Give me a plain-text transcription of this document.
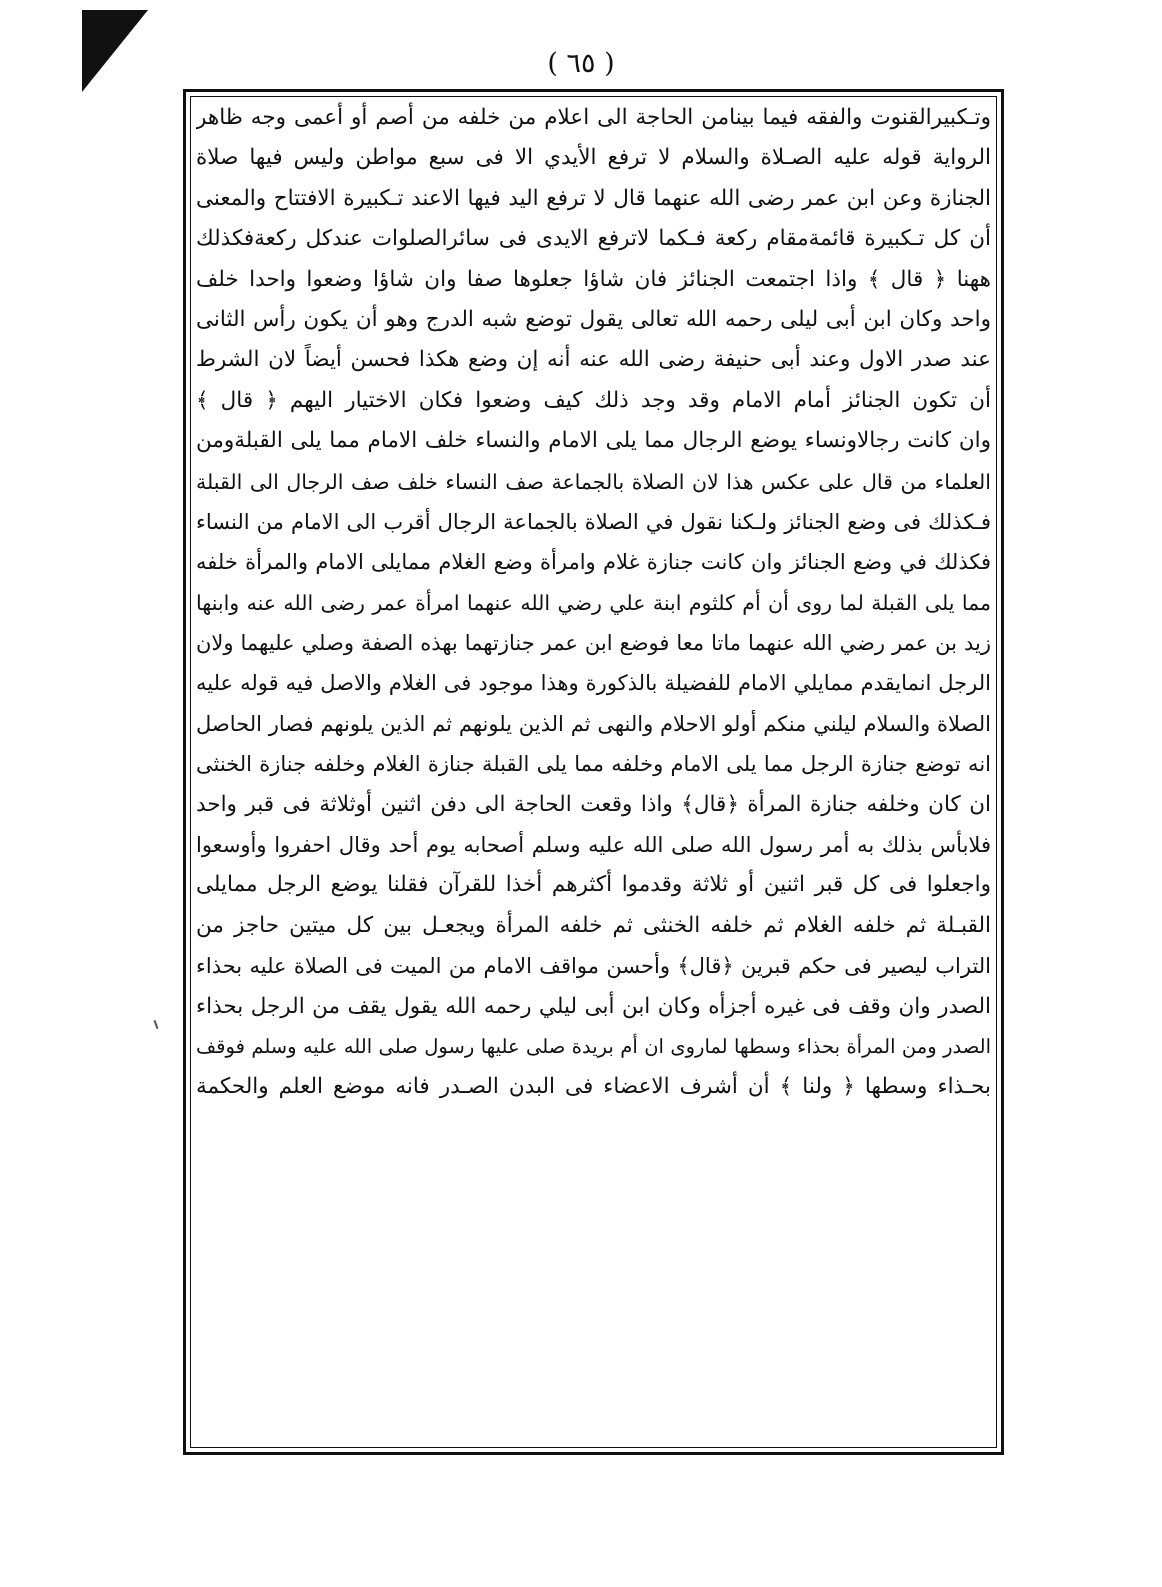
( ٦٥ )
وتـكبيرالقنوت والفقه فيما بينامن الحاجة الى اعلام من خلفه من أصم أو أعمى وجه ظاهر
الرواية قوله عليه الصـلاة والسلام لا ترفع الأيدي الا فى سبع مواطن وليس فيها صلاة
الجنازة وعن ابن عمر رضى الله عنهما قال لا ترفع اليد فيها الاعند تـكبيرة الافتتاح والمعنى
أن كل تـكبيرة قائمةمقام ركعة فـكما لاترفع الايدى فى سائرالصلوات عندكل ركعةفكذلك
ههنا ﴿ قال ﴾ واذا اجتمعت الجنائز فان شاؤا جعلوها صفا وان شاؤا وضعوا واحدا خلف
واحد وكان ابن أبى ليلى رحمه الله تعالى يقول توضع شبه الدرج وهو أن يكون رأس الثانى
عند صدر الاول وعند أبى حنيفة رضى الله عنه أنه إن وضع هكذا فحسن أيضاً لان الشرط
أن تكون الجنائز أمام الامام وقد وجد ذلك كيف وضعوا فكان الاختيار اليهم ﴿ قال ﴾
وان كانت رجالاونساء يوضع الرجال مما يلى الامام والنساء خلف الامام مما يلى القبلةومن
العلماء من قال على عكس هذا لان الصلاة بالجماعة صف النساء خلف صف الرجال الى القبلة
فـكذلك فى وضع الجنائز ولـكنا نقول في الصلاة بالجماعة الرجال أقرب الى الامام من النساء
فكذلك في وضع الجنائز وان كانت جنازة غلام وامرأة وضع الغلام ممايلى الامام والمرأة خلفه
مما يلى القبلة لما روى أن أم كلثوم ابنة علي رضي الله عنهما امرأة عمر رضى الله عنه وابنها
زيد بن عمر رضي الله عنهما ماتا معا فوضع ابن عمر جنازتهما بهذه الصفة وصلي عليهما ولان
الرجل انمايقدم ممايلي الامام للفضيلة بالذكورة وهذا موجود فى الغلام والاصل فيه قوله عليه
الصلاة والسلام ليلني منكم أولو الاحلام والنهى ثم الذين يلونهم ثم الذين يلونهم فصار الحاصل
انه توضع جنازة الرجل مما يلى الامام وخلفه مما يلى القبلة جنازة الغلام وخلفه جنازة الخنثى
ان كان وخلفه جنازة المرأة ﴿قال﴾ واذا وقعت الحاجة الى دفن اثنين أوثلاثة فى قبر واحد
فلابأس بذلك به أمر رسول الله صلى الله عليه وسلم أصحابه يوم أحد وقال احفروا وأوسعوا
واجعلوا فى كل قبر اثنين أو ثلاثة وقدموا أكثرهم أخذا للقرآن فقلنا يوضع الرجل ممايلى
القبـلة ثم خلفه الغلام ثم خلفه الخنثى ثم خلفه المرأة ويجعـل بين كل ميتين حاجز من
التراب ليصير فى حكم قبرين ﴿قال﴾ وأحسن مواقف الامام من الميت فى الصلاة عليه بحذاء
الصدر وان وقف فى غيره أجزأه وكان ابن أبى ليلي رحمه الله يقول يقف من الرجل بحذاء
الصدر ومن المرأة بحذاء وسطها لماروى ان أم بريدة صلى عليها رسول صلى الله عليه وسلم فوقف
بحـذاء وسطها ﴿ ولنا ﴾ أن أشرف الاعضاء فى البدن الصـدر فانه موضع العلم والحكمة
